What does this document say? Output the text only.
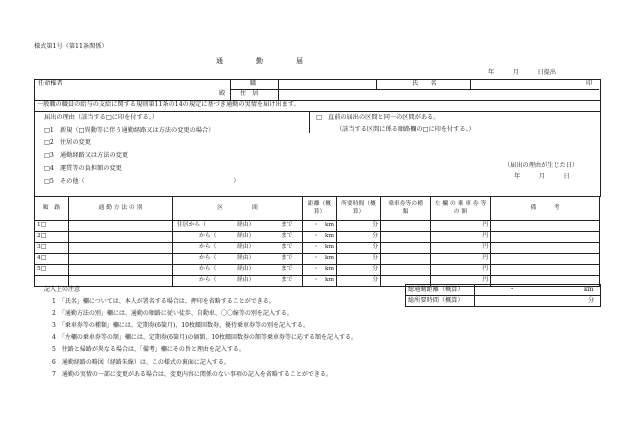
様式第1号（第11条関係）
通　　　　勤　　　　届
年　　　月　　　日提出
任命権者	職	氏　　名	印
殿 住　居
一般職の職員の給与の支給に関する規則第11条の14の規定に基づき通勤の実情を届け出ます。
届出の理由（該当する□に印を付する。）
□1　新規（□異動等に伴う通勤経路又は方法の変更の場合）
□2　住居の変更
□3　通勤経路又は方法の変更
□4　運賃等の負担額の変更
□5　その他（　　　　　　　　　　　　　　　　　　　　　　　　）
□　直前の届出の区間と同一の区間がある。
（該当する区間に係る順路欄の□に印を付する。）
（届出の理由が生じた日）
年　　　月　　　日
順　路	通 勤 方 法 の 別	区　　　　　間	距離（概算）	所要時間（概算）	乗車券等の種　　類	左 欄 の 乗 車 券 等 の 額	備　　　考
1□		住居から（ 経由） まで	・ km	分		円	
2□		から（ 経由） まで	・ km	分		円	
3□		から（ 経由） まで	・ km	分		円	
4□		から（ 経由） まで	・ km	分		円	
5□		から（ 経由） まで	・ km	分		円	

		から（ 経由） まで	・ km	分		円	
総通勤距離（概算）	・	km
総所要時間（概算）	分
記入上の注意
1　「氏名」欄については、本人が署名する場合は、押印を省略することができる。
2　「通勤方法の別」欄には、通勤の順路に従い徒歩、自動車、〇〇線等の別を記入する。
3　「乗車券等の種類」欄には、定期券(6箇月)、10枚綴回数券、優待乗車券等の別を記入する。
4　「左欄の乗車券等の額」欄には、定期券(6箇月)の価額、10枚綴回数券の額等乗車券等に応ずる額を記入する。
5　往路と帰路が異なる場合は、「備考」欄にその旨と理由を記入する。
6　通勤経路の略図（経路朱線）は、この様式の裏面に記入する。
7　通勤の実情の一部に変更がある場合は、変更内容に関係のない事項の記入を省略することができる。
